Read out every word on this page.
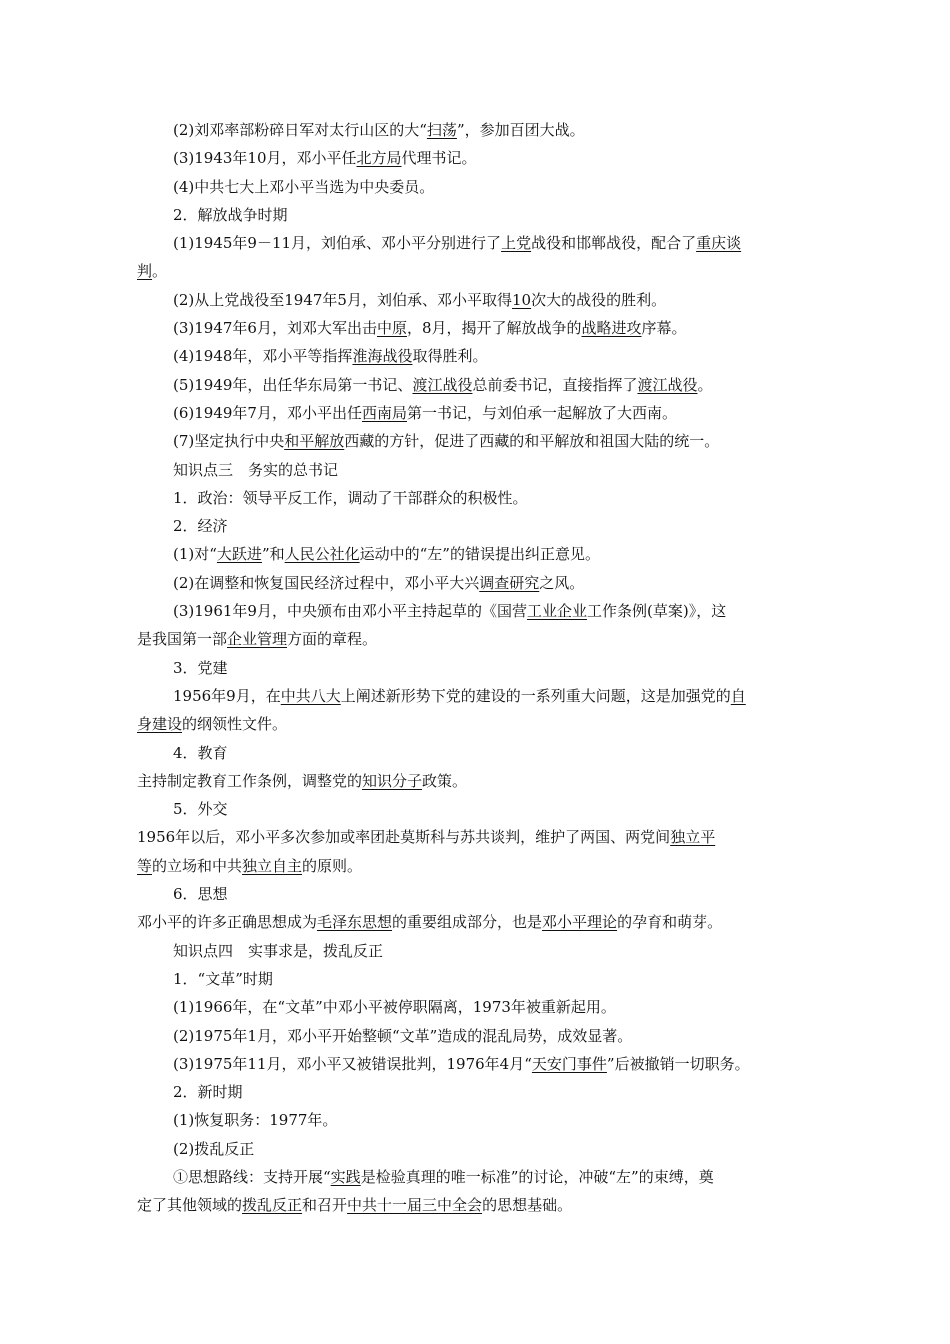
(2)刘邓率部粉碎日军对太行山区的大“扫荡”，参加百团大战。
(3)1943年10月，邓小平任北方局代理书记。
(4)中共七大上邓小平当选为中央委员。
2．解放战争时期
(1)1945年9－11月，刘伯承、邓小平分别进行了上党战役和邯郸战役，配合了重庆谈
判。
(2)从上党战役至1947年5月，刘伯承、邓小平取得10次大的战役的胜利。
(3)1947年6月，刘邓大军出击中原，8月，揭开了解放战争的战略进攻序幕。
(4)1948年，邓小平等指挥淮海战役取得胜利。
(5)1949年，出任华东局第一书记、渡江战役总前委书记，直接指挥了渡江战役。
(6)1949年7月，邓小平出任西南局第一书记，与刘伯承一起解放了大西南。
(7)坚定执行中央和平解放西藏的方针，促进了西藏的和平解放和祖国大陆的统一。
知识点三　务实的总书记
1．政治：领导平反工作，调动了干部群众的积极性。
2．经济
(1)对“大跃进”和人民公社化运动中的“左”的错误提出纠正意见。
(2)在调整和恢复国民经济过程中，邓小平大兴调查研究之风。
(3)1961年9月，中央颁布由邓小平主持起草的《国营工业企业工作条例(草案)》，这
是我国第一部企业管理方面的章程。
3．党建
1956年9月，在中共八大上阐述新形势下党的建设的一系列重大问题，这是加强党的自
身建设的纲领性文件。
4．教育
主持制定教育工作条例，调整党的知识分子政策。
5．外交
1956年以后，邓小平多次参加或率团赴莫斯科与苏共谈判，维护了两国、两党间独立平
等的立场和中共独立自主的原则。
6．思想
邓小平的许多正确思想成为毛泽东思想的重要组成部分，也是邓小平理论的孕育和萌芽。
知识点四　实事求是，拨乱反正
1．“文革”时期
(1)1966年，在“文革”中邓小平被停职隔离，1973年被重新起用。
(2)1975年1月，邓小平开始整顿“文革”造成的混乱局势，成效显著。
(3)1975年11月，邓小平又被错误批判，1976年4月“天安门事件”后被撤销一切职务。
2．新时期
(1)恢复职务：1977年。
(2)拨乱反正
①思想路线：支持开展“实践是检验真理的唯一标准”的讨论，冲破“左”的束缚，奠
定了其他领域的拨乱反正和召开中共十一届三中全会的思想基础。
